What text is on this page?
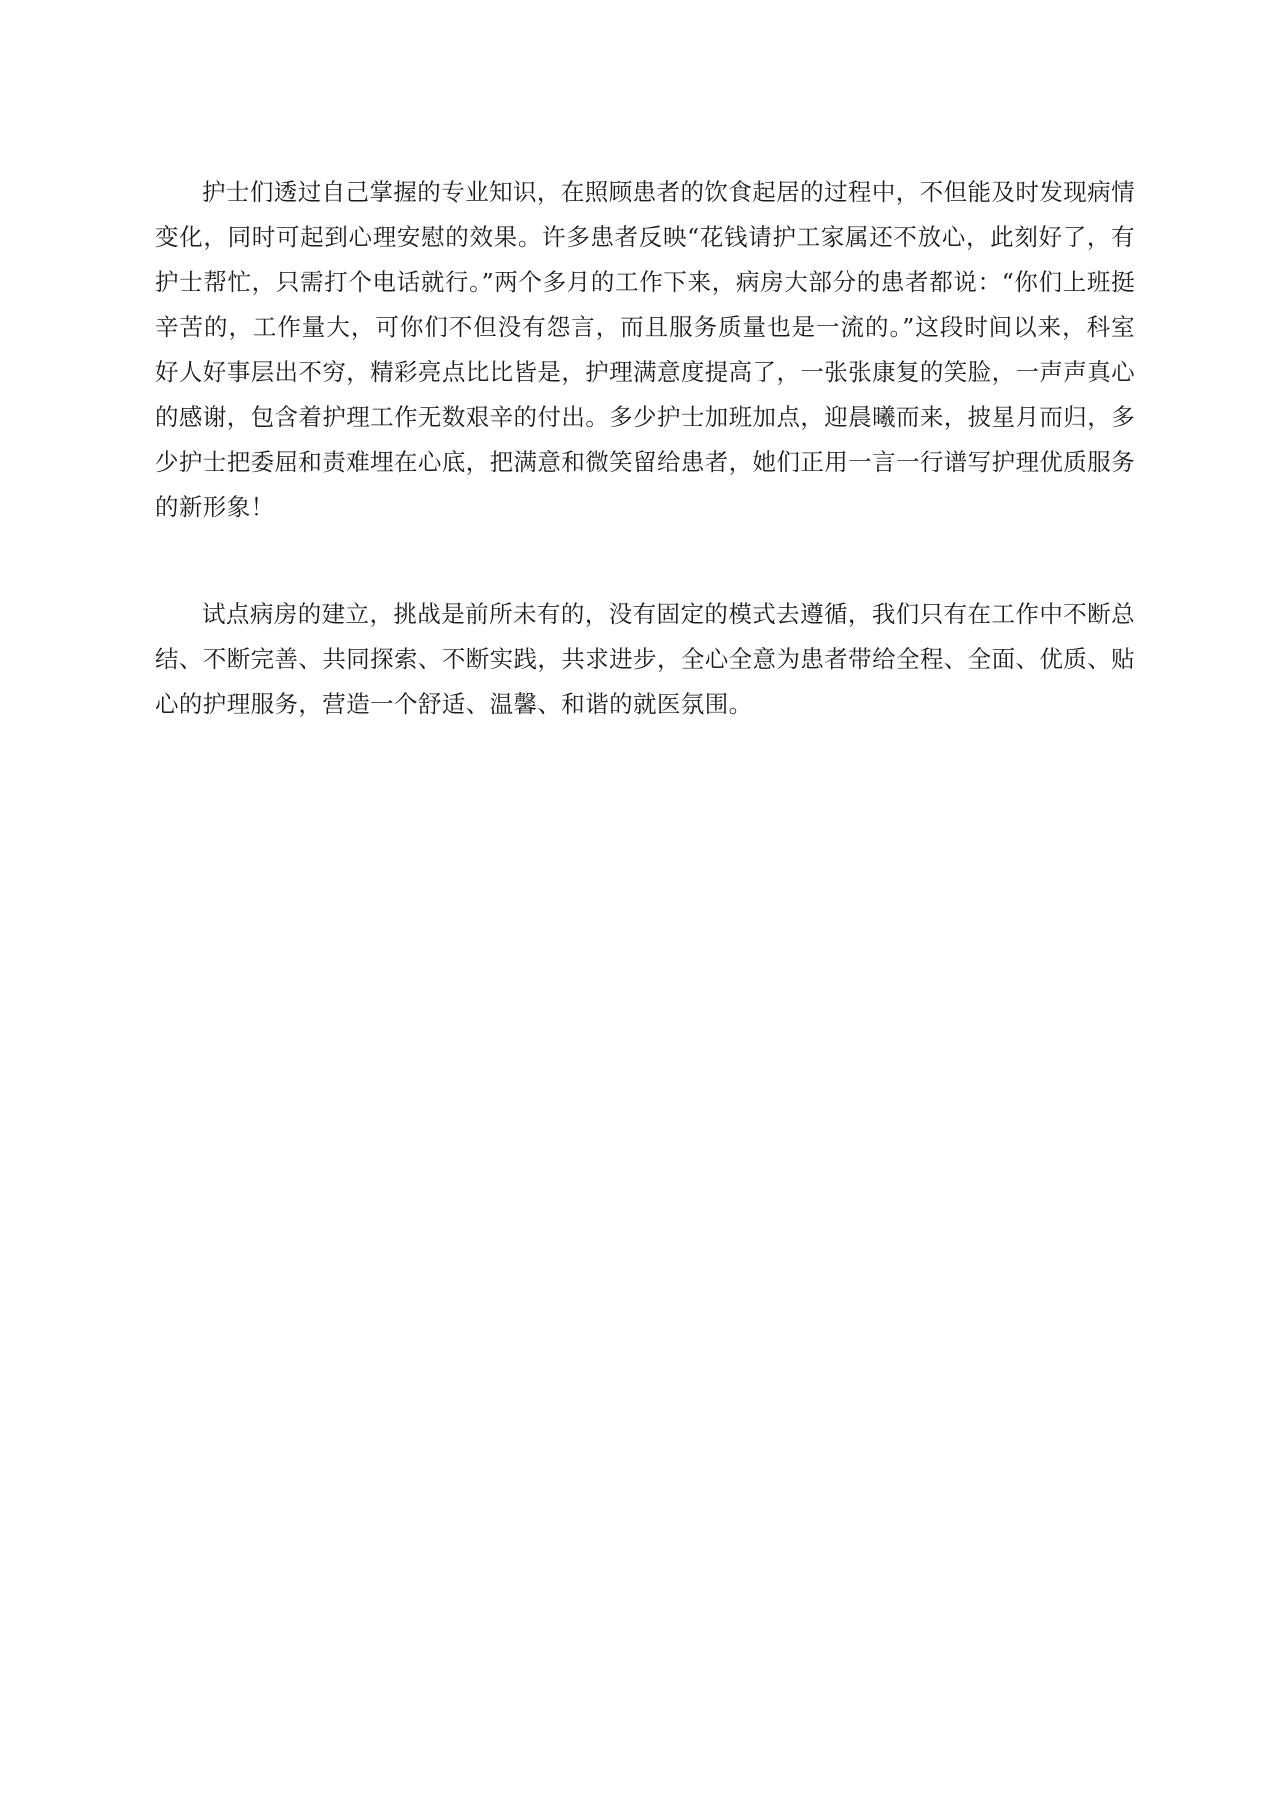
护士们透过自己掌握的专业知识，在照顾患者的饮食起居的过程中，不但能及时发现病情变化，同时可起到心理安慰的效果。许多患者反映“花钱请护工家属还不放心，此刻好了，有护士帮忙，只需打个电话就行。”两个多月的工作下来，病房大部分的患者都说：“你们上班挺辛苦的，工作量大，可你们不但没有怨言，而且服务质量也是一流的。”这段时间以来，科室好人好事层出不穷，精彩亮点比比皆是，护理满意度提高了，一张张康复的笑脸，一声声真心的感谢，包含着护理工作无数艰辛的付出。多少护士加班加点，迎晨曦而来，披星月而归，多少护士把委屈和责难埋在心底，把满意和微笑留给患者，她们正用一言一行谱写护理优质服务的新形象！

试点病房的建立，挑战是前所未有的，没有固定的模式去遵循，我们只有在工作中不断总结、不断完善、共同探索、不断实践，共求进步，全心全意为患者带给全程、全面、优质、贴心的护理服务，营造一个舒适、温馨、和谐的就医氛围。
